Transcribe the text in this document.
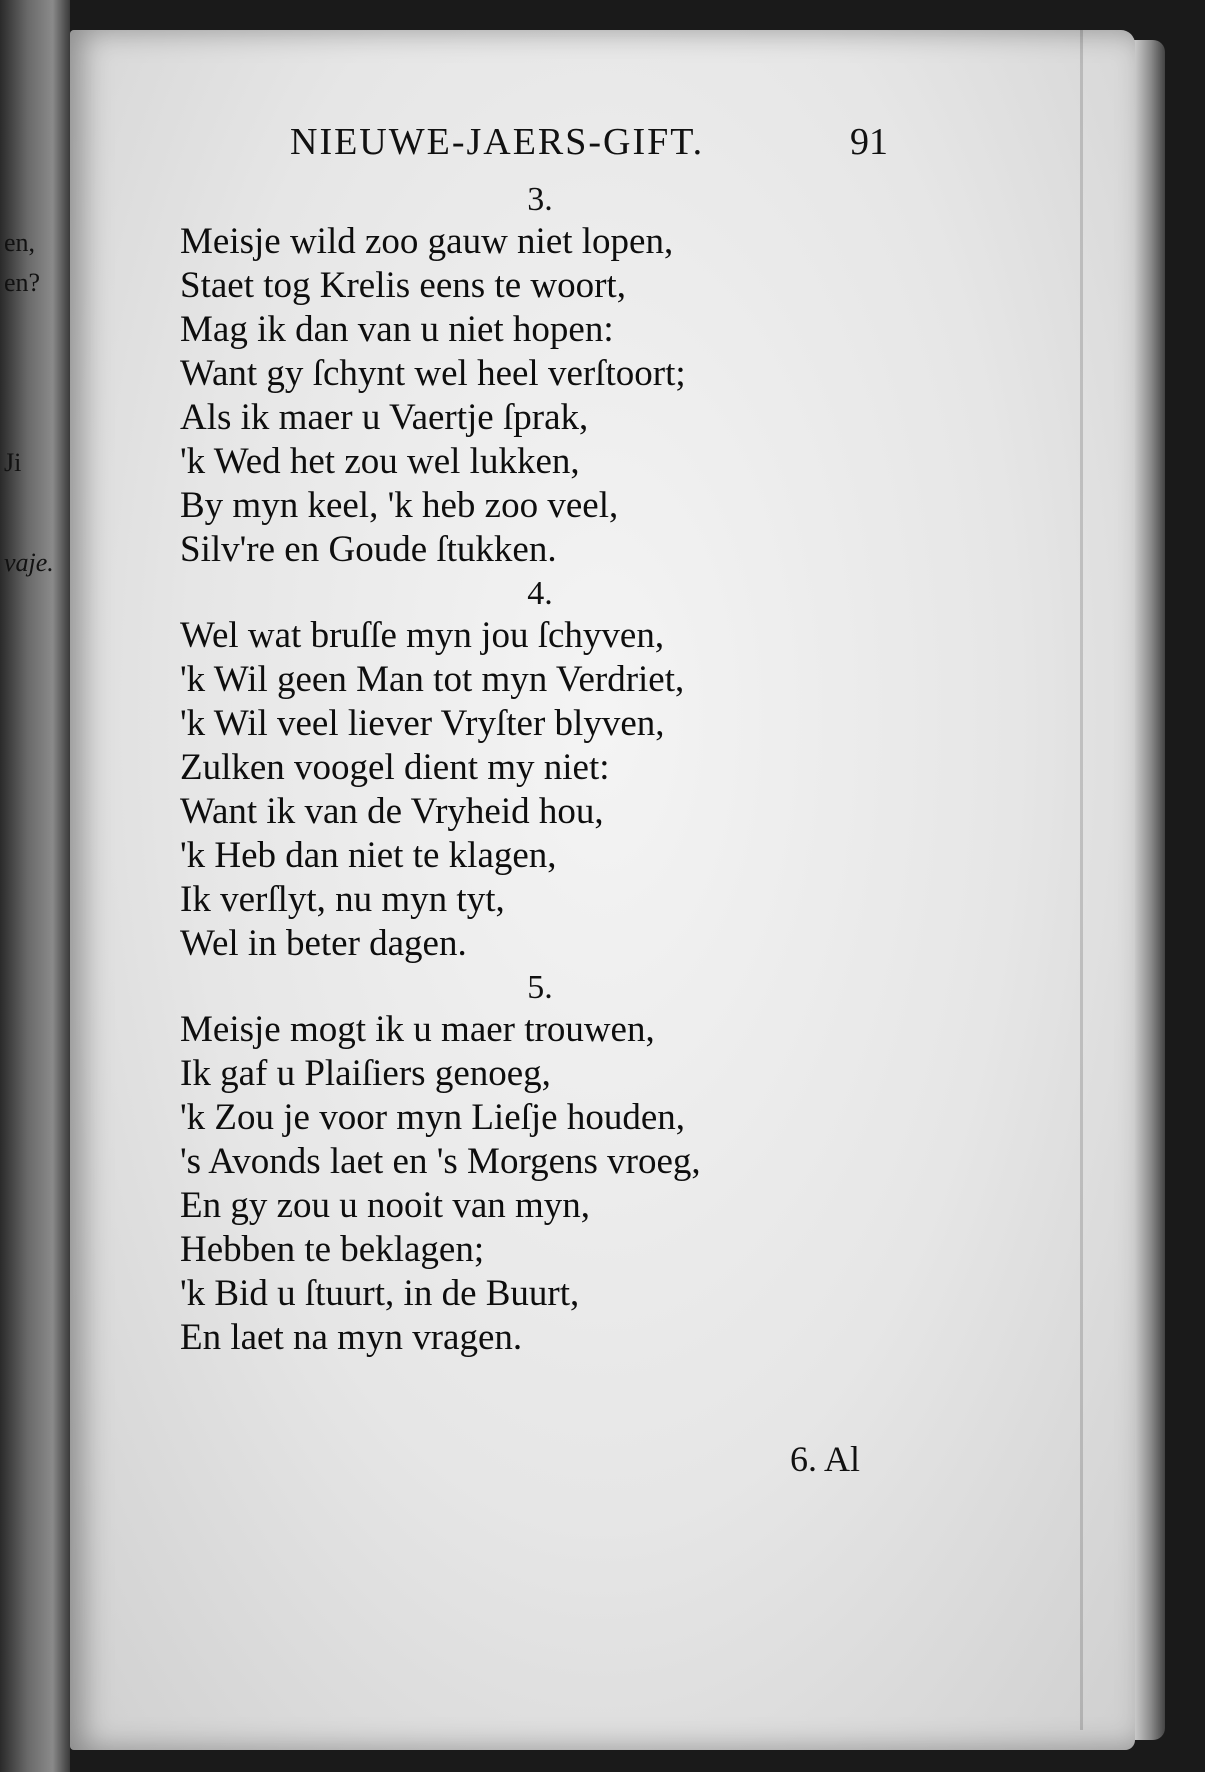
en,
en?
Ji
vaje.
NIEUWE-JAERS-GIFT.	91
3.
Meisje wild zoo gauw niet lopen,
Staet tog Krelis eens te woort,
Mag ik dan van u niet hopen:
Want gy ſchynt wel heel verſtoort;
Als ik maer u Vaertje ſprak,
'k Wed het zou wel lukken,
By myn keel, 'k heb zoo veel,
Silv're en Goude ſtukken.
4.
Wel wat bruſſe myn jou ſchyven,
'k Wil geen Man tot myn Verdriet,
'k Wil veel liever Vryſter blyven,
Zulken voogel dient my niet:
Want ik van de Vryheid hou,
'k Heb dan niet te klagen,
Ik verſlyt, nu myn tyt,
Wel in beter dagen.
5.
Meisje mogt ik u maer trouwen,
Ik gaf u Plaiſiers genoeg,
'k Zou je voor myn Lieſje houden,
's Avonds laet en 's Morgens vroeg,
En gy zou u nooit van myn,
Hebben te beklagen;
'k Bid u ſtuurt, in de Buurt,
En laet na myn vragen.
6. Al
